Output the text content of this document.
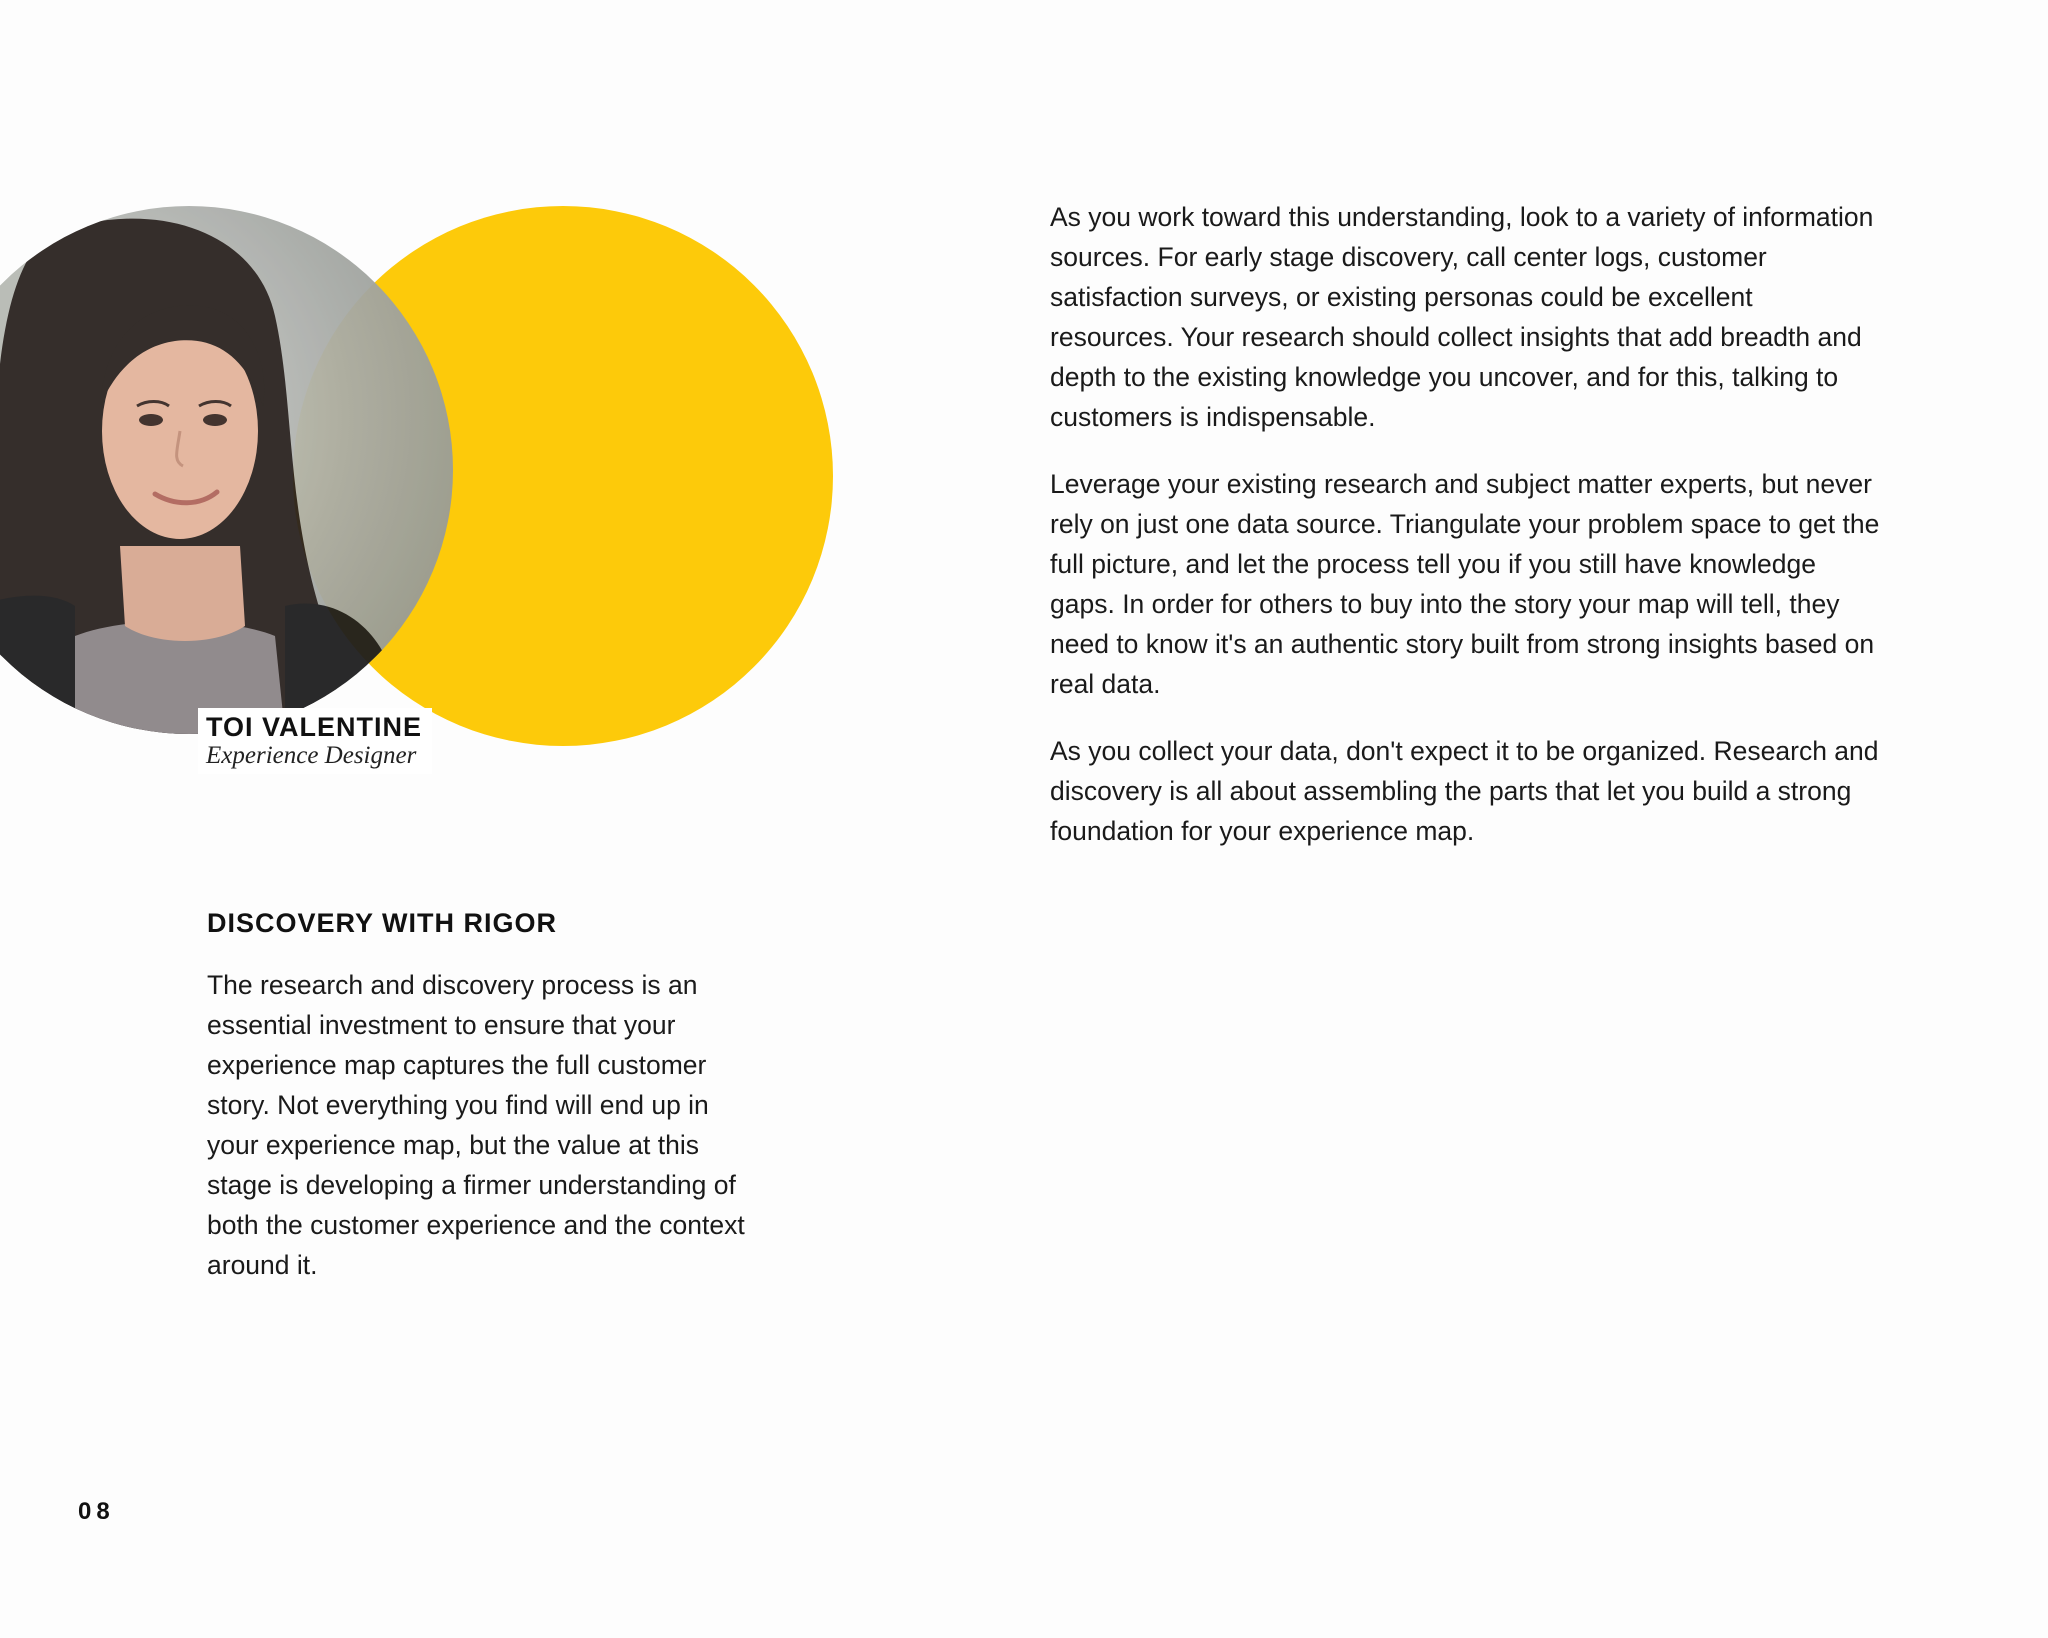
TOI VALENTINE
Experience Designer

As you work toward this understanding, look to a variety of information sources. For early stage discovery, call center logs, customer satisfaction surveys, or existing personas could be excellent resources. Your research should collect insights that add breadth and depth to the existing knowledge you uncover, and for this, talking to customers is indispensable.

Leverage your existing research and subject matter experts, but never rely on just one data source. Triangulate your problem space to get the full picture, and let the process tell you if you still have knowledge gaps. In order for others to buy into the story your map will tell, they need to know it's an authentic story built from strong insights based on real data.

As you collect your data, don't expect it to be organized. Research and discovery is all about assembling the parts that let you build a strong foundation for your experience map.

DISCOVERY WITH RIGOR

The research and discovery process is an essential investment to ensure that your experience map captures the full customer story. Not everything you find will end up in your experience map, but the value at this stage is developing a firmer understanding of both the customer experience and the context around it.

08
